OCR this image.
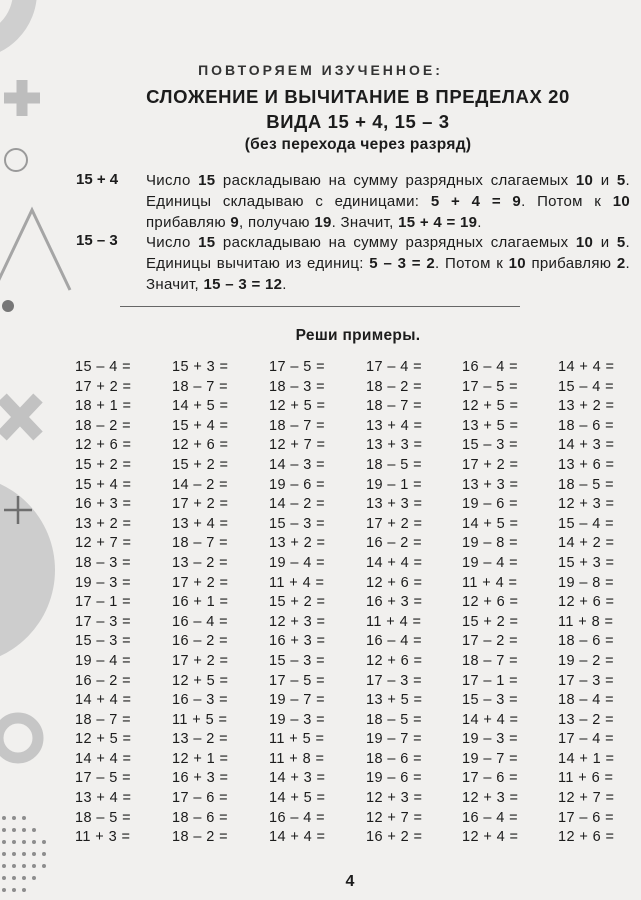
ПОВТОРЯЕМ ИЗУЧЕННОЕ:
СЛОЖЕНИЕ И ВЫЧИТАНИЕ В ПРЕДЕЛАХ 20
ВИДА 15 + 4, 15 – 3
(без перехода через разряд)
15 + 4 Число 15 раскладываю на сумму разрядных слагаемых 10 и 5. Единицы складываю с единицами: 5 + 4 = 9. Потом к 10 прибавляю 9, получаю 19. Значит, 15 + 4 = 19.
15 – 3 Число 15 раскладываю на сумму разрядных слагаемых 10 и 5. Единицы вычитаю из единиц: 5 – 3 = 2. Потом к 10 прибавляю 2. Значит, 15 – 3 = 12.
Реши примеры.
15 – 4 =
17 + 2 =
18 + 1 =
18 – 2 =
12 + 6 =
15 + 2 =
15 + 4 =
16 + 3 =
13 + 2 =
12 + 7 =
18 – 3 =
19 – 3 =
17 – 1 =
17 – 3 =
15 – 3 =
19 – 4 =
16 – 2 =
14 + 4 =
18 – 7 =
12 + 5 =
14 + 4 =
17 – 5 =
13 + 4 =
18 – 5 =
11 + 3 =
15 + 3 =
18 – 7 =
14 + 5 =
15 + 4 =
12 + 6 =
15 + 2 =
14 – 2 =
17 + 2 =
13 + 4 =
18 – 7 =
13 – 2 =
17 + 2 =
16 + 1 =
16 – 4 =
16 – 2 =
17 + 2 =
12 + 5 =
16 – 3 =
11 + 5 =
13 – 2 =
12 + 1 =
16 + 3 =
17 – 6 =
18 – 6 =
18 – 2 =
17 – 5 =
18 – 3 =
12 + 5 =
18 – 7 =
12 + 7 =
14 – 3 =
19 – 6 =
14 – 2 =
15 – 3 =
13 + 2 =
19 – 4 =
11 + 4 =
15 + 2 =
12 + 3 =
16 + 3 =
15 – 3 =
17 – 5 =
19 – 7 =
19 – 3 =
11 + 5 =
11 + 8 =
14 + 3 =
14 + 5 =
16 – 4 =
14 + 4 =
17 – 4 =
18 – 2 =
18 – 7 =
13 + 4 =
13 + 3 =
18 – 5 =
19 – 1 =
13 + 3 =
17 + 2 =
16 – 2 =
14 + 4 =
12 + 6 =
16 + 3 =
11 + 4 =
16 – 4 =
12 + 6 =
17 – 3 =
13 + 5 =
18 – 5 =
19 – 7 =
18 – 6 =
19 – 6 =
12 + 3 =
12 + 7 =
16 + 2 =
16 – 4 =
17 – 5 =
12 + 5 =
13 + 5 =
15 – 3 =
17 + 2 =
13 + 3 =
19 – 6 =
14 + 5 =
19 – 8 =
19 – 4 =
11 + 4 =
12 + 6 =
15 + 2 =
17 – 2 =
18 – 7 =
17 – 1 =
15 – 3 =
14 + 4 =
19 – 3 =
19 – 7 =
17 – 6 =
12 + 3 =
16 – 4 =
12 + 4 =
14 + 4 =
15 – 4 =
13 + 2 =
18 – 6 =
14 + 3 =
13 + 6 =
18 – 5 =
12 + 3 =
15 – 4 =
14 + 2 =
15 + 3 =
19 – 8 =
12 + 6 =
11 + 8 =
18 – 6 =
19 – 2 =
17 – 3 =
18 – 4 =
13 – 2 =
17 – 4 =
14 + 1 =
11 + 6 =
12 + 7 =
17 – 6 =
12 + 6 =
4
